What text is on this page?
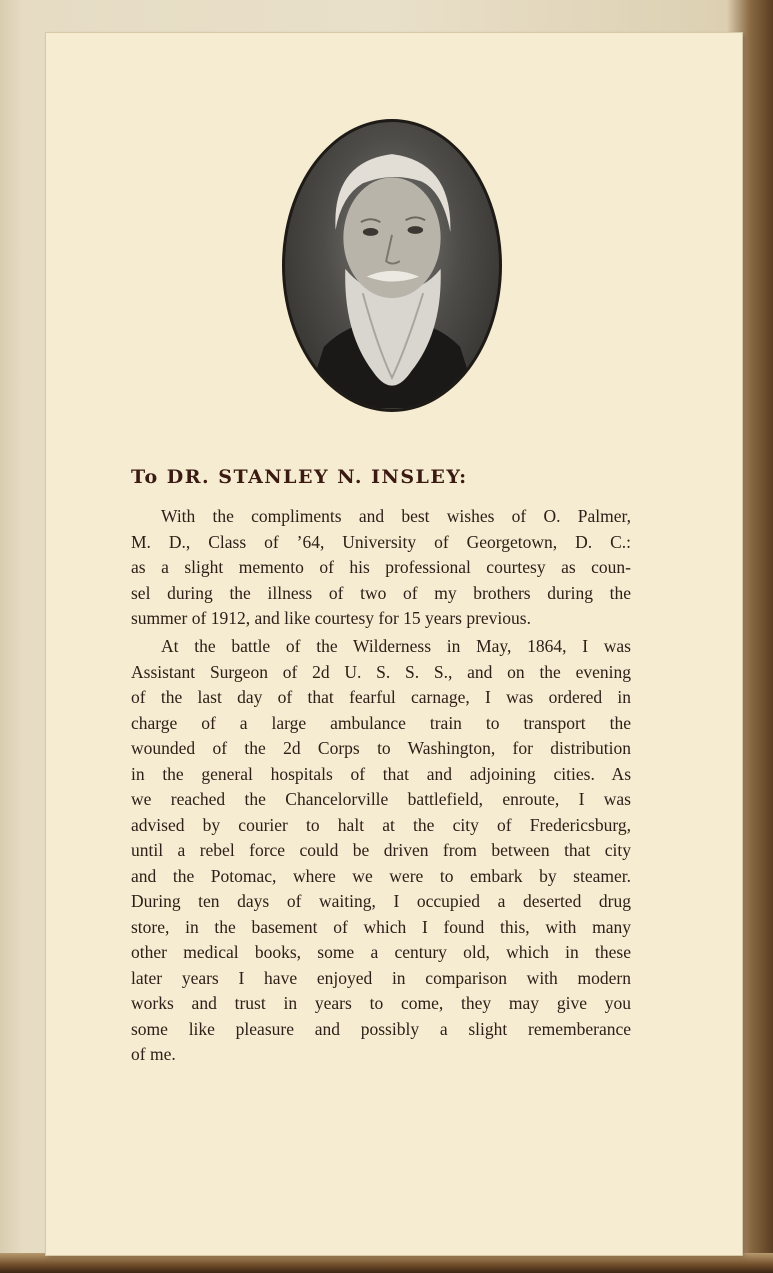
To DR. STANLEY N. INSLEY:

With the compliments and best wishes of O. Palmer,
M. D., Class of ’64, University of Georgetown, D. C.:
as a slight memento of his professional courtesy as coun-
sel during the illness of two of my brothers during the
summer of 1912, and like courtesy for 15 years previous.

At the battle of the Wilderness in May, 1864, I was
Assistant Surgeon of 2d U. S. S. S., and on the evening
of the last day of that fearful carnage, I was ordered in
charge of a large ambulance train to transport the
wounded of the 2d Corps to Washington, for distribution
in the general hospitals of that and adjoining cities. As
we reached the Chancelorville battlefield, enroute, I was
advised by courier to halt at the city of Fredericsburg,
until a rebel force could be driven from between that city
and the Potomac, where we were to embark by steamer.
During ten days of waiting, I occupied a deserted drug
store, in the basement of which I found this, with many
other medical books, some a century old, which in these
later years I have enjoyed in comparison with modern
works and trust in years to come, they may give you
some like pleasure and possibly a slight rememberance
of me.
